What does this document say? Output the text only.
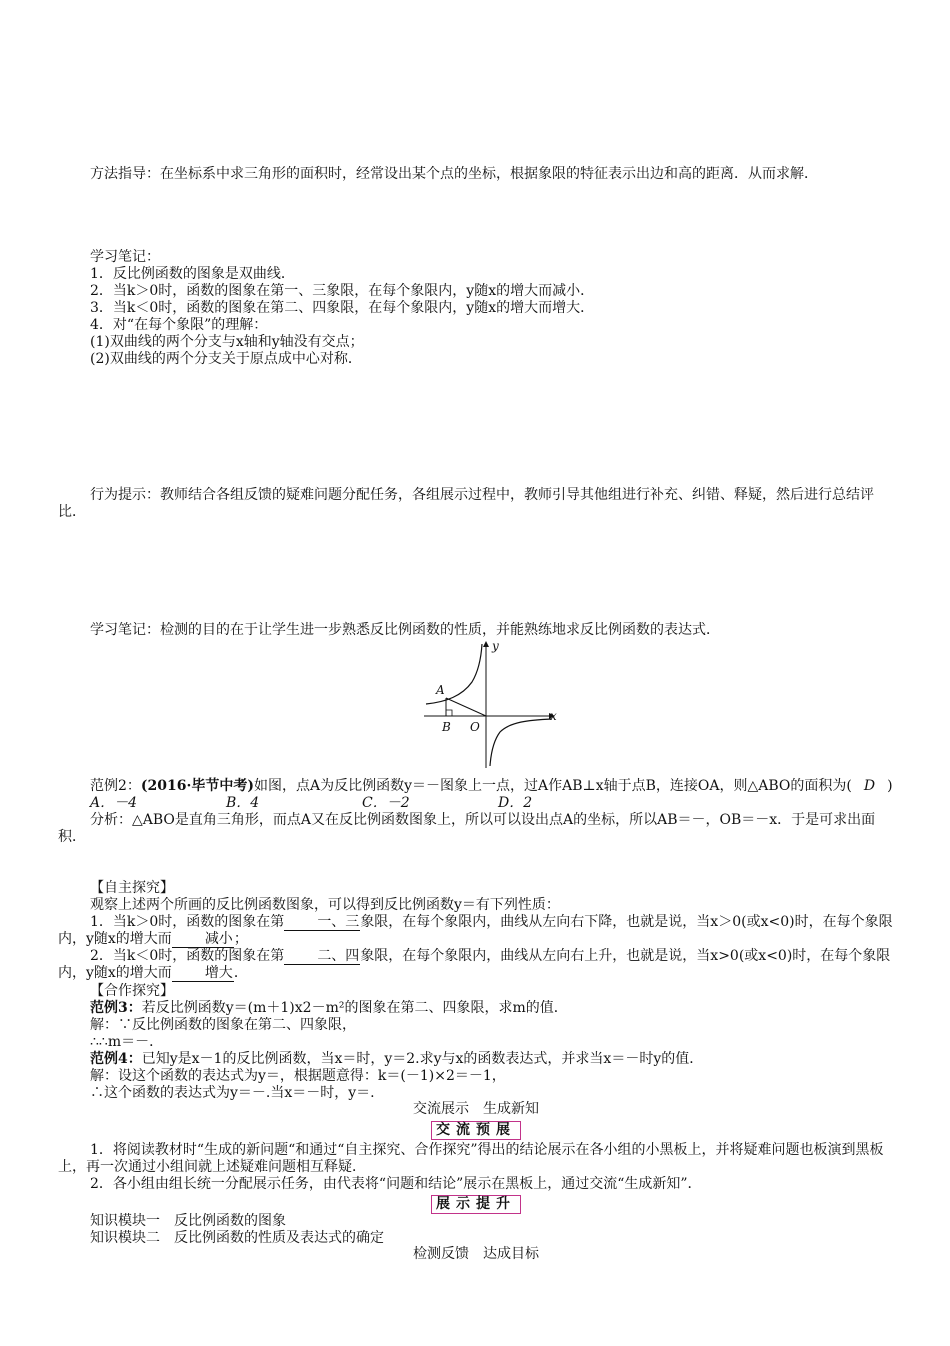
方法指导：在坐标系中求三角形的面积时，经常设出某个点的坐标，根据象限的特征表示出边和高的距离．从而求解．

学习笔记：

1．反比例函数的图象是双曲线．

2．当k＞0时，函数的图象在第一、三象限，在每个象限内，y随x的增大而减小．

3．当k＜0时，函数的图象在第二、四象限，在每个象限内，y随x的增大而增大．

4．对“在每个象限”的理解：

(1)双曲线的两个分支与x轴和y轴没有交点；

(2)双曲线的两个分支关于原点成中心对称．

行为提示：教师结合各组反馈的疑难问题分配任务，各组展示过程中，教师引导其他组进行补充、纠错、释疑，然后进行总结评比．

学习笔记：检测的目的在于让学生进一步熟悉反比例函数的性质，并能熟练地求反比例函数的表达式．

y
x
A
B O

范例2：(2016·毕节中考)如图，点A为反比例函数y＝－图象上一点，过A作AB⊥x轴于点B，连接OA，则△ABO的面积为( D )

A．－4	B．4	C．－2	D．2

分析：△ABO是直角三角形，而点A又在反比例函数图象上，所以可以设出点A的坐标，所以AB＝－，OB＝－x．于是可求出面积．

【自主探究】

观察上述两个所画的反比例函数图象，可以得到反比例函数y＝有下列性质：

1．当k＞0时，函数的图象在第 一、三象限，在每个象限内，曲线从左向右下降，也就是说，当x＞0(或x<0)时，在每个象限内，y随x的增大而 减小；

2．当k＜0时，函数的图象在第 二、四象限，在每个象限内，曲线从左向右上升，也就是说，当x>0(或x<0)时，在每个象限内，y随x的增大而 增大．

【合作探究】

范例3：若反比例函数y＝(m＋1)x2－m²的图象在第二、四象限，求m的值．

解：∵反比例函数的图象在第二、四象限，

∴∴m＝－．

范例4：已知y是x－1的反比例函数，当x＝时，y＝2.求y与x的函数表达式，并求当x＝－时y的值．

解：设这个函数的表达式为y＝，根据题意得：k＝(－1)×2＝－1，

∴这个函数的表达式为y＝－.当x＝－时，y＝.

交流展示　生成新知
交流预展

1．将阅读教材时“生成的新问题“和通过“自主探究、合作探究”得出的结论展示在各小组的小黑板上，并将疑难问题也板演到黑板上，再一次通过小组间就上述疑难问题相互释疑．

2．各小组由组长统一分配展示任务，由代表将“问题和结论”展示在黑板上，通过交流“生成新知”．

展示提升

知识模块一　反比例函数的图象

知识模块二　反比例函数的性质及表达式的确定

检测反馈　达成目标
